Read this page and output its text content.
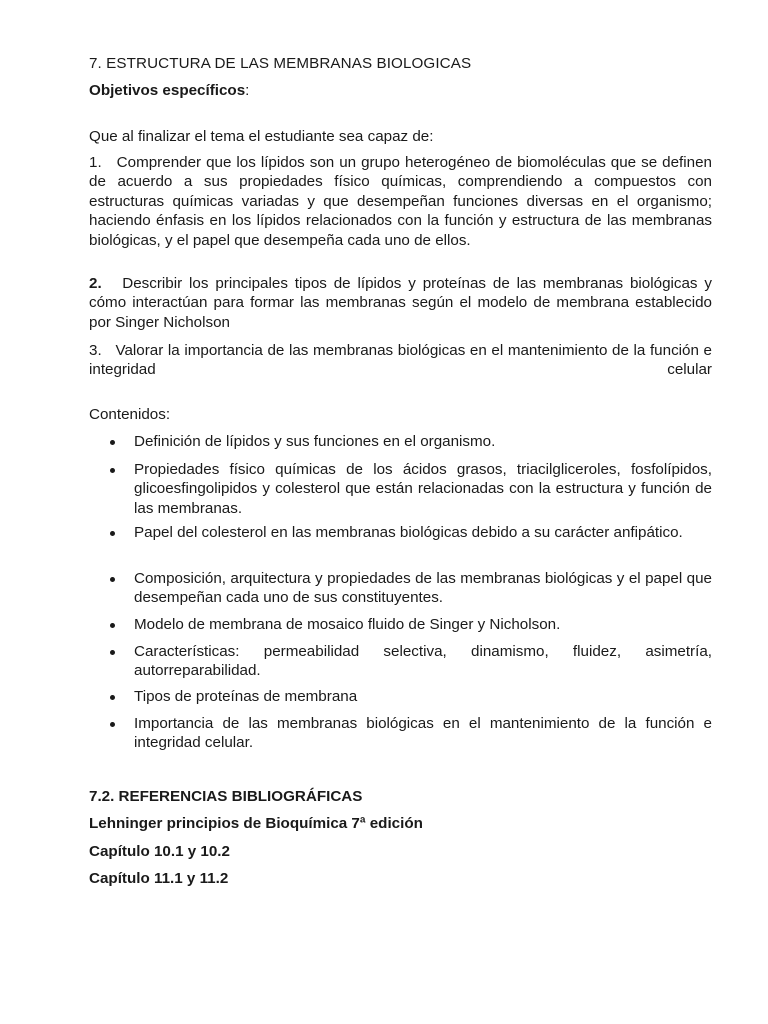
7. ESTRUCTURA DE LAS MEMBRANAS BIOLOGICAS
Objetivos específicos:
Que al finalizar el tema el estudiante sea capaz de:
1. Comprender que los lípidos son un grupo heterogéneo de biomoléculas que se definen de acuerdo a sus propiedades físico químicas, comprendiendo a compuestos con estructuras químicas variadas y que desempeñan funciones diversas en el organismo; haciendo énfasis en los lípidos relacionados con la función y estructura de las membranas biológicas, y el papel que desempeña cada uno de ellos.
2. Describir los principales tipos de lípidos y proteínas de las membranas biológicas y cómo interactúan para formar las membranas según el modelo de membrana establecido por Singer Nicholson
3. Valorar la importancia de las membranas biológicas en el mantenimiento de la función e integridad celular
Contenidos:
Definición de lípidos y sus funciones en el organismo.
Propiedades físico químicas de los ácidos grasos, triacilgliceroles, fosfolípidos, glicoesfingolipidos y colesterol que están relacionadas con la estructura y función de las membranas.
Papel del colesterol en las membranas biológicas debido a su carácter anfipático.
Composición, arquitectura y propiedades de las membranas biológicas y el papel que desempeñan cada uno de sus constituyentes.
Modelo de membrana de mosaico fluido de Singer y Nicholson.
Características: permeabilidad selectiva, dinamismo, fluidez, asimetría, autorreparabilidad.
Tipos de proteínas de membrana
Importancia de las membranas biológicas en el mantenimiento de la función e integridad celular.
7.2. REFERENCIAS BIBLIOGRÁFICAS
Lehninger principios de Bioquímica 7ª edición
Capítulo 10.1 y 10.2
Capítulo 11.1 y 11.2
